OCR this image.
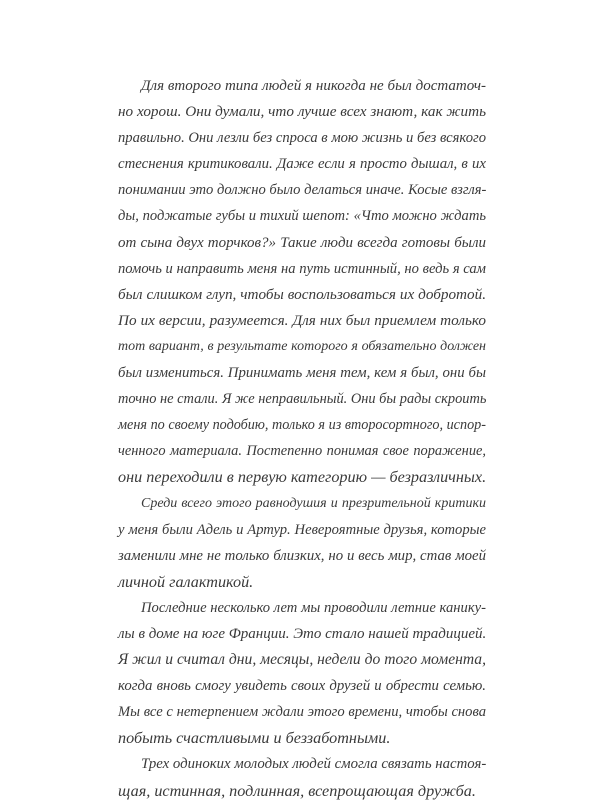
Для второго типа людей я никогда не был достаточ-
но хорош. Они думали, что лучше всех знают, как жить
правильно. Они лезли без спроса в мою жизнь и без всякого
стеснения критиковали. Даже если я просто дышал, в их
понимании это должно было делаться иначе. Косые взгля-
ды, поджатые губы и тихий шепот: «Что можно ждать
от сына двух торчков?» Такие люди всегда готовы были
помочь и направить меня на путь истинный, но ведь я сам
был слишком глуп, чтобы воспользоваться их добротой.
По их версии, разумеется. Для них был приемлем только
тот вариант, в результате которого я обязательно должен
был измениться. Принимать меня тем, кем я был, они бы
точно не стали. Я же неправильный. Они бы рады скроить
меня по своему подобию, только я из второсортного, испор-
ченного материала. Постепенно понимая свое поражение,
они переходили в первую категорию — безразличных.
Среди всего этого равнодушия и презрительной критики
у меня были Адель и Артур. Невероятные друзья, которые
заменили мне не только близких, но и весь мир, став моей
личной галактикой.
Последние несколько лет мы проводили летние канику-
лы в доме на юге Франции. Это стало нашей традицией.
Я жил и считал дни, месяцы, недели до того момента,
когда вновь смогу увидеть своих друзей и обрести семью.
Мы все с нетерпением ждали этого времени, чтобы снова
побыть счастливыми и беззаботными.
Трех одиноких молодых людей смогла связать настоя-
щая, истинная, подлинная, всепрощающая дружба.
